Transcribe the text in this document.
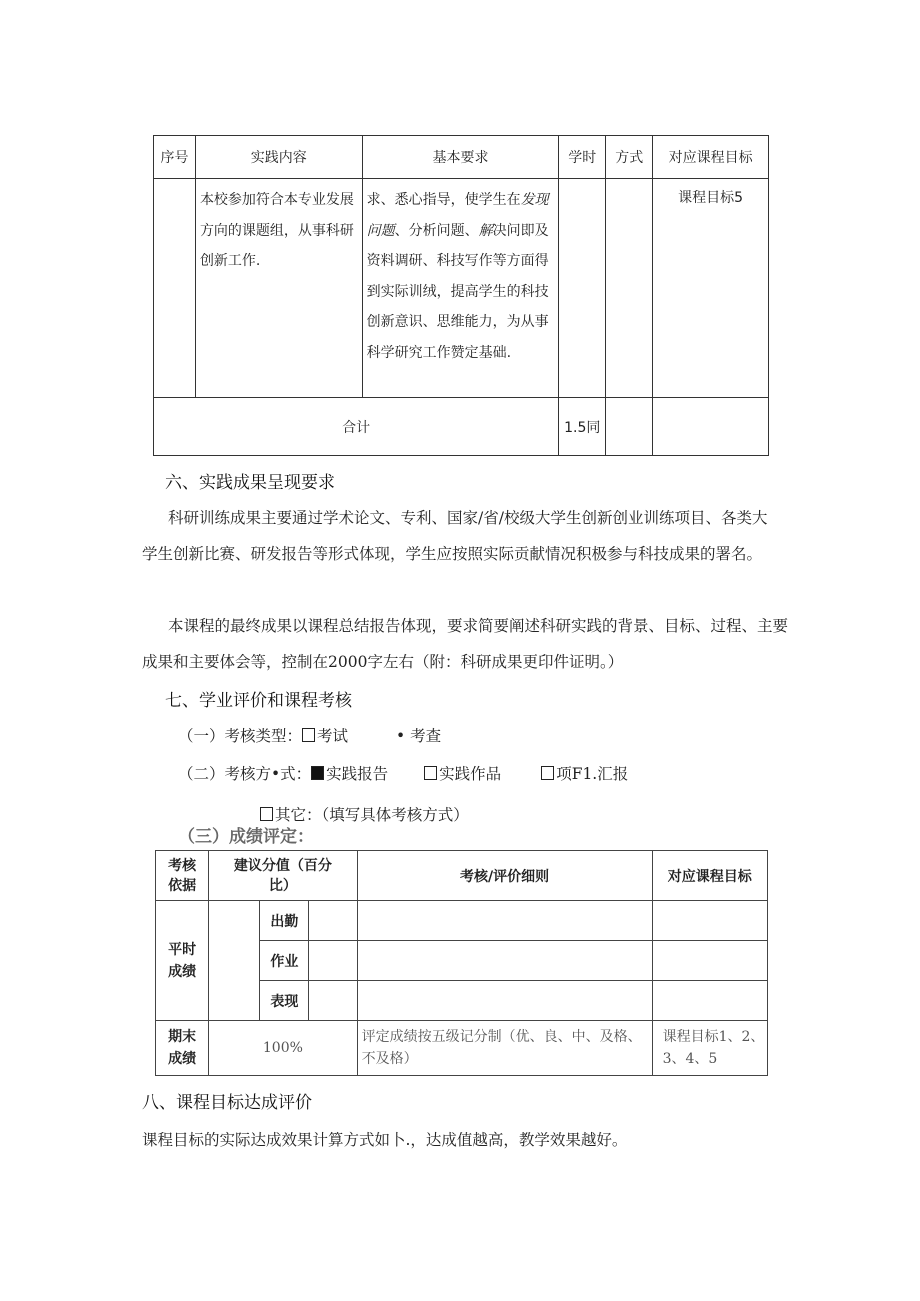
序号	实践内容	基本要求	学时	方式	对应课程目标

	本校参加符合本专业发展方向的课题组，从事科研创新工作.	求、悉心指导，使学生在发现问题、分析问题、解决问即及资料调研、科技写作等方面得到实际训绒，提高学生的科技创新意识、思维能力，为从事科学研究工作赞定基础.			课程目标5

合计			1.5同		
六、实践成果呈现要求
科研训练成果主要通过学术论文、专利、国家/省/校级大学生创新创业训练项目、各类大学生创新比赛、研发报告等形式体现，学生应按照实际贡献情况积极参与科技成果的署名。
本课程的最终成果以课程总结报告体现，要求简要阐述科研实践的背景、目标、过程、主要成果和主要体会等，控制在2000字左右（附：科研成果更印件证明。）
七、学业评价和课程考核
（一）考核类型： 考试	• 考查
（二）考核方•式： 实践报告	实践作品	项F1.汇报
其它：（填写具体考核方式）
（三）成绩评定：
考核依据	建议分值（百分比）			考核/评价细则	对应课程目标
平时成绩		出勤			
		作业			
		表现			
期末成绩	100%			评定成绩按五级记分制（优、良、中、及格、不及格）	课程目标1、2、3、4、5
八、课程目标达成评价
课程目标的实际达成效果计算方式如卜.，达成值越高，教学效果越好。
